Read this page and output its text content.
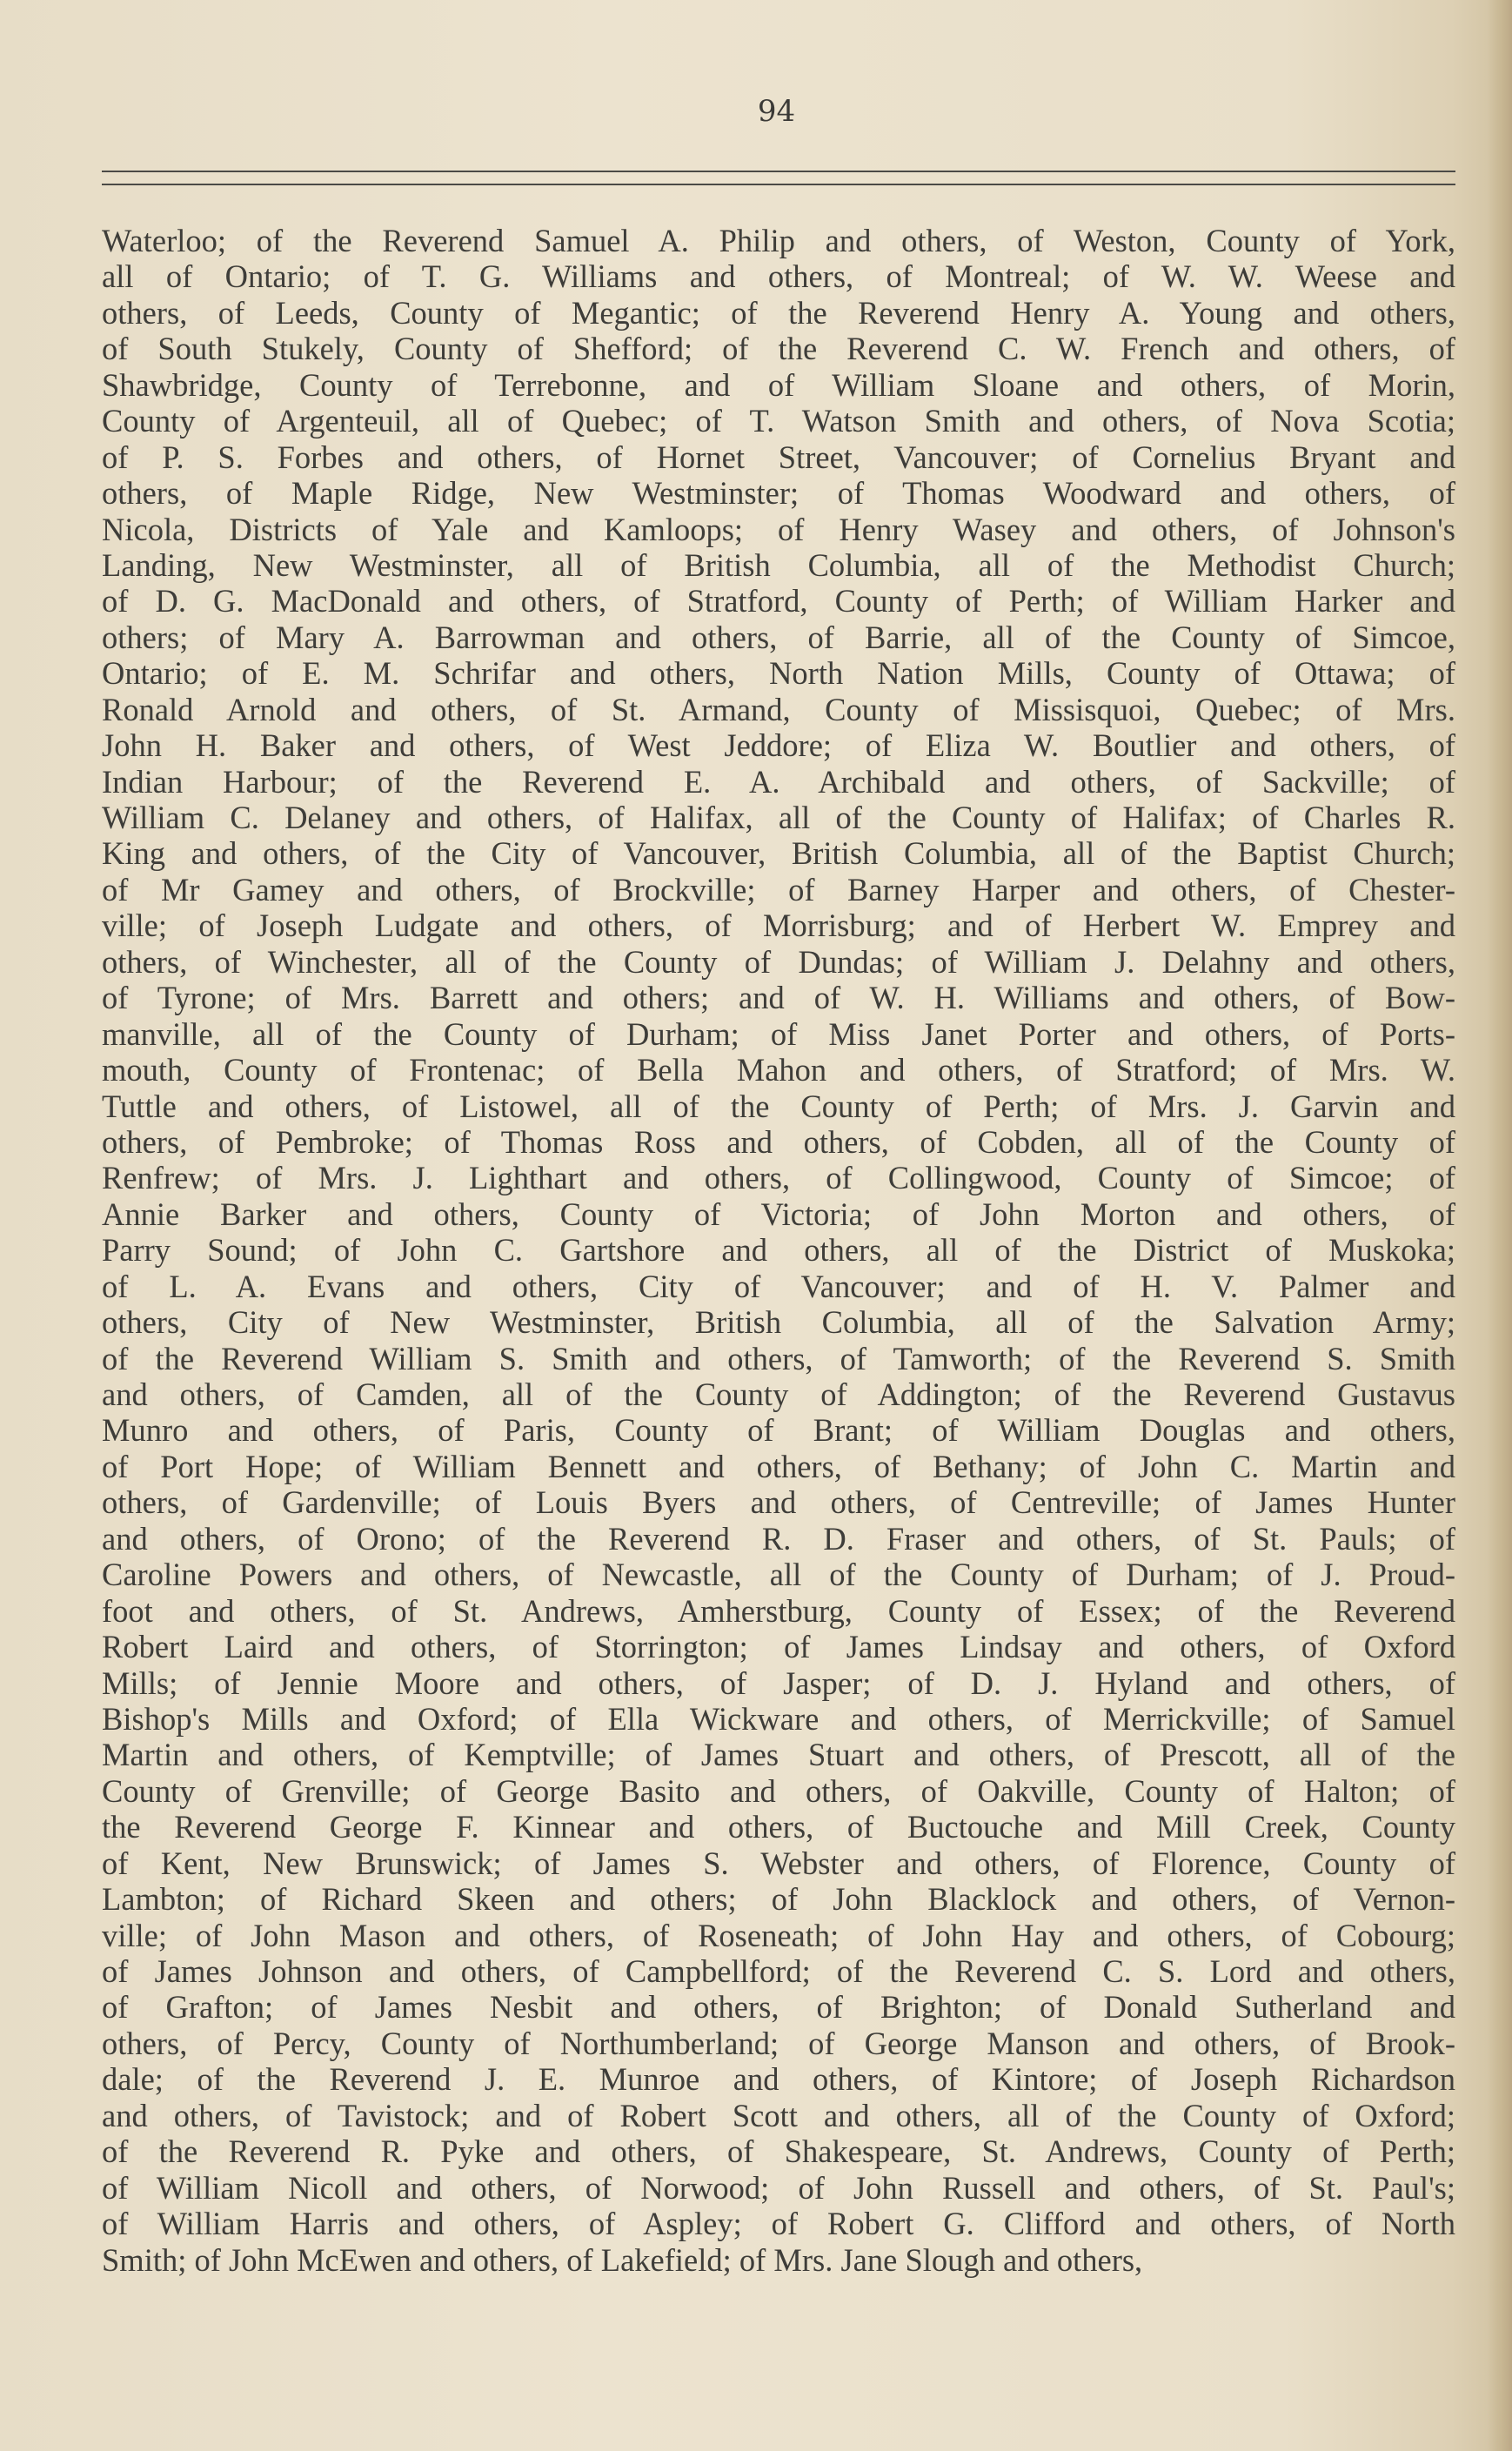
94
Waterloo; of the Reverend Samuel A. Philip and others, of Weston, County of York,
all of Ontario; of T. G. Williams and others, of Montreal; of W. W. Weese and
others, of Leeds, County of Megantic; of the Reverend Henry A. Young and others,
of South Stukely, County of Shefford; of the Reverend C. W. French and others, of
Shawbridge, County of Terrebonne, and of William Sloane and others, of Morin,
County of Argenteuil, all of Quebec; of T. Watson Smith and others, of Nova Scotia;
of P. S. Forbes and others, of Hornet Street, Vancouver; of Cornelius Bryant and
others, of Maple Ridge, New Westminster; of Thomas Woodward and others, of
Nicola, Districts of Yale and Kamloops; of Henry Wasey and others, of Johnson's
Landing, New Westminster, all of British Columbia, all of the Methodist Church;
of D. G. MacDonald and others, of Stratford, County of Perth; of William Harker and
others; of Mary A. Barrowman and others, of Barrie, all of the County of Simcoe,
Ontario; of E. M. Schrifar and others, North Nation Mills, County of Ottawa; of
Ronald Arnold and others, of St. Armand, County of Missisquoi, Quebec; of Mrs.
John H. Baker and others, of West Jeddore; of Eliza W. Boutlier and others, of
Indian Harbour; of the Reverend E. A. Archibald and others, of Sackville; of
William C. Delaney and others, of Halifax, all of the County of Halifax; of Charles R.
King and others, of the City of Vancouver, British Columbia, all of the Baptist Church;
of Mr Gamey and others, of Brockville; of Barney Harper and others, of Chester-
ville; of Joseph Ludgate and others, of Morrisburg; and of Herbert W. Emprey and
others, of Winchester, all of the County of Dundas; of William J. Delahny and others,
of Tyrone; of Mrs. Barrett and others; and of W. H. Williams and others, of Bow-
manville, all of the County of Durham; of Miss Janet Porter and others, of Ports-
mouth, County of Frontenac; of Bella Mahon and others, of Stratford; of Mrs. W.
Tuttle and others, of Listowel, all of the County of Perth; of Mrs. J. Garvin and
others, of Pembroke; of Thomas Ross and others, of Cobden, all of the County of
Renfrew; of Mrs. J. Lighthart and others, of Collingwood, County of Simcoe; of
Annie Barker and others, County of Victoria; of John Morton and others, of
Parry Sound; of John C. Gartshore and others, all of the District of Muskoka;
of L. A. Evans and others, City of Vancouver; and of H. V. Palmer and
others, City of New Westminster, British Columbia, all of the Salvation Army;
of the Reverend William S. Smith and others, of Tamworth; of the Reverend S. Smith
and others, of Camden, all of the County of Addington; of the Reverend Gustavus
Munro and others, of Paris, County of Brant; of William Douglas and others,
of Port Hope; of William Bennett and others, of Bethany; of John C. Martin and
others, of Gardenville; of Louis Byers and others, of Centreville; of James Hunter
and others, of Orono; of the Reverend R. D. Fraser and others, of St. Pauls; of
Caroline Powers and others, of Newcastle, all of the County of Durham; of J. Proud-
foot and others, of St. Andrews, Amherstburg, County of Essex; of the Reverend
Robert Laird and others, of Storrington; of James Lindsay and others, of Oxford
Mills; of Jennie Moore and others, of Jasper; of D. J. Hyland and others, of
Bishop's Mills and Oxford; of Ella Wickware and others, of Merrickville; of Samuel
Martin and others, of Kemptville; of James Stuart and others, of Prescott, all of the
County of Grenville; of George Basito and others, of Oakville, County of Halton; of
the Reverend George F. Kinnear and others, of Buctouche and Mill Creek, County
of Kent, New Brunswick; of James S. Webster and others, of Florence, County of
Lambton; of Richard Skeen and others; of John Blacklock and others, of Vernon-
ville; of John Mason and others, of Roseneath; of John Hay and others, of Cobourg;
of James Johnson and others, of Campbellford; of the Reverend C. S. Lord and others,
of Grafton; of James Nesbit and others, of Brighton; of Donald Sutherland and
others, of Percy, County of Northumberland; of George Manson and others, of Brook-
dale; of the Reverend J. E. Munroe and others, of Kintore; of Joseph Richardson
and others, of Tavistock; and of Robert Scott and others, all of the County of Oxford;
of the Reverend R. Pyke and others, of Shakespeare, St. Andrews, County of Perth;
of William Nicoll and others, of Norwood; of John Russell and others, of St. Paul's;
of William Harris and others, of Aspley; of Robert G. Clifford and others, of North
Smith; of John McEwen and others, of Lakefield; of Mrs. Jane Slough and others,
